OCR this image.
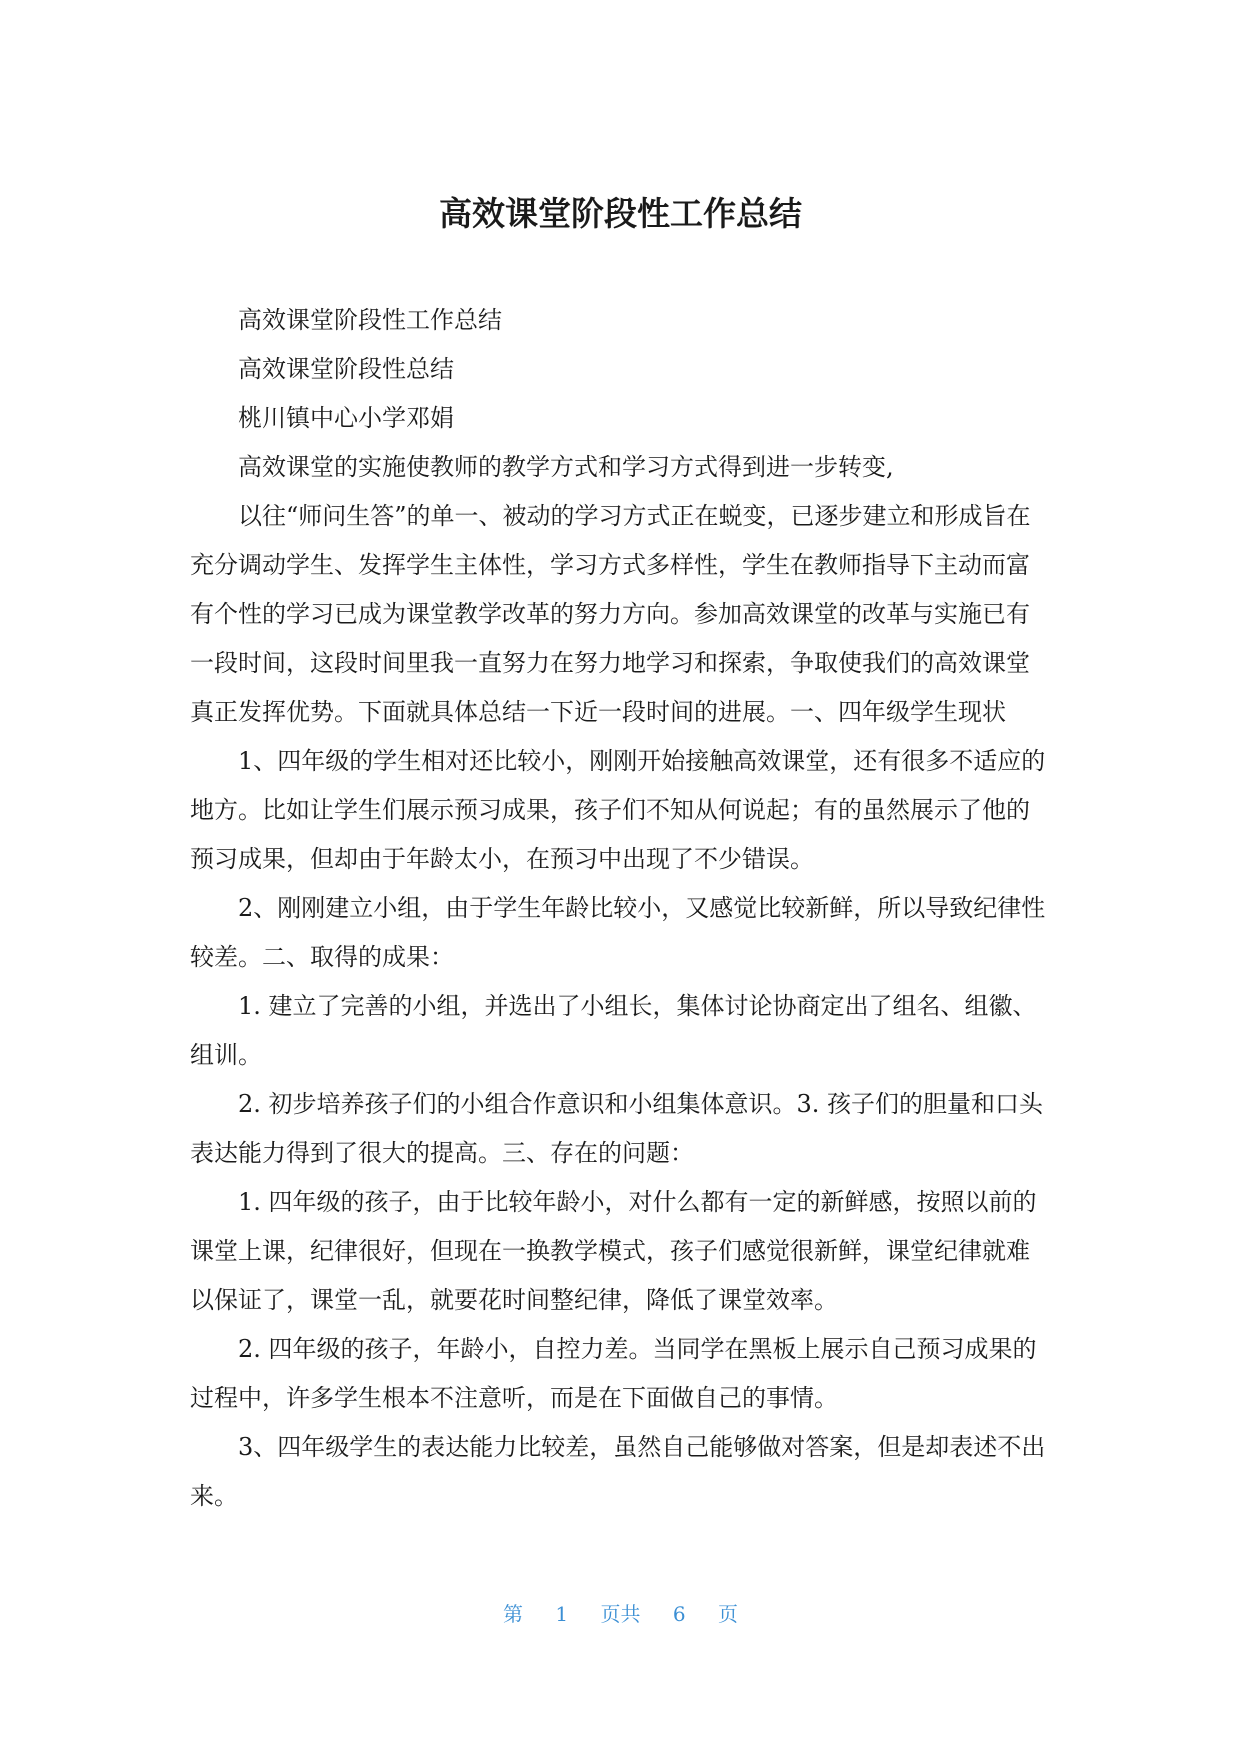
高效课堂阶段性工作总结

高效课堂阶段性工作总结

高效课堂阶段性总结

桃川镇中心小学邓娟

高效课堂的实施使教师的教学方式和学习方式得到进一步转变,

以往“师问生答”的单一、被动的学习方式正在蜕变，已逐步建立和形成旨在充分调动学生、发挥学生主体性，学习方式多样性，学生在教师指导下主动而富有个性的学习已成为课堂教学改革的努力方向。参加高效课堂的改革与实施已有一段时间，这段时间里我一直努力在努力地学习和探索，争取使我们的高效课堂真正发挥优势。下面就具体总结一下近一段时间的进展。一、四年级学生现状

1、四年级的学生相对还比较小，刚刚开始接触高效课堂，还有很多不适应的地方。比如让学生们展示预习成果，孩子们不知从何说起；有的虽然展示了他的预习成果，但却由于年龄太小，在预习中出现了不少错误。

2、刚刚建立小组，由于学生年龄比较小，又感觉比较新鲜，所以导致纪律性较差。二、取得的成果：

1. 建立了完善的小组，并选出了小组长，集体讨论协商定出了组名、组徽、组训。

2. 初步培养孩子们的小组合作意识和小组集体意识。3. 孩子们的胆量和口头表达能力得到了很大的提高。三、存在的问题：

1. 四年级的孩子，由于比较年龄小，对什么都有一定的新鲜感，按照以前的课堂上课，纪律很好，但现在一换教学模式，孩子们感觉很新鲜，课堂纪律就难以保证了，课堂一乱，就要花时间整纪律，降低了课堂效率。

2. 四年级的孩子，年龄小，自控力差。当同学在黑板上展示自己预习成果的过程中，许多学生根本不注意听，而是在下面做自己的事情。

3、四年级学生的表达能力比较差，虽然自己能够做对答案，但是却表述不出来。

第 1 页共 6 页
